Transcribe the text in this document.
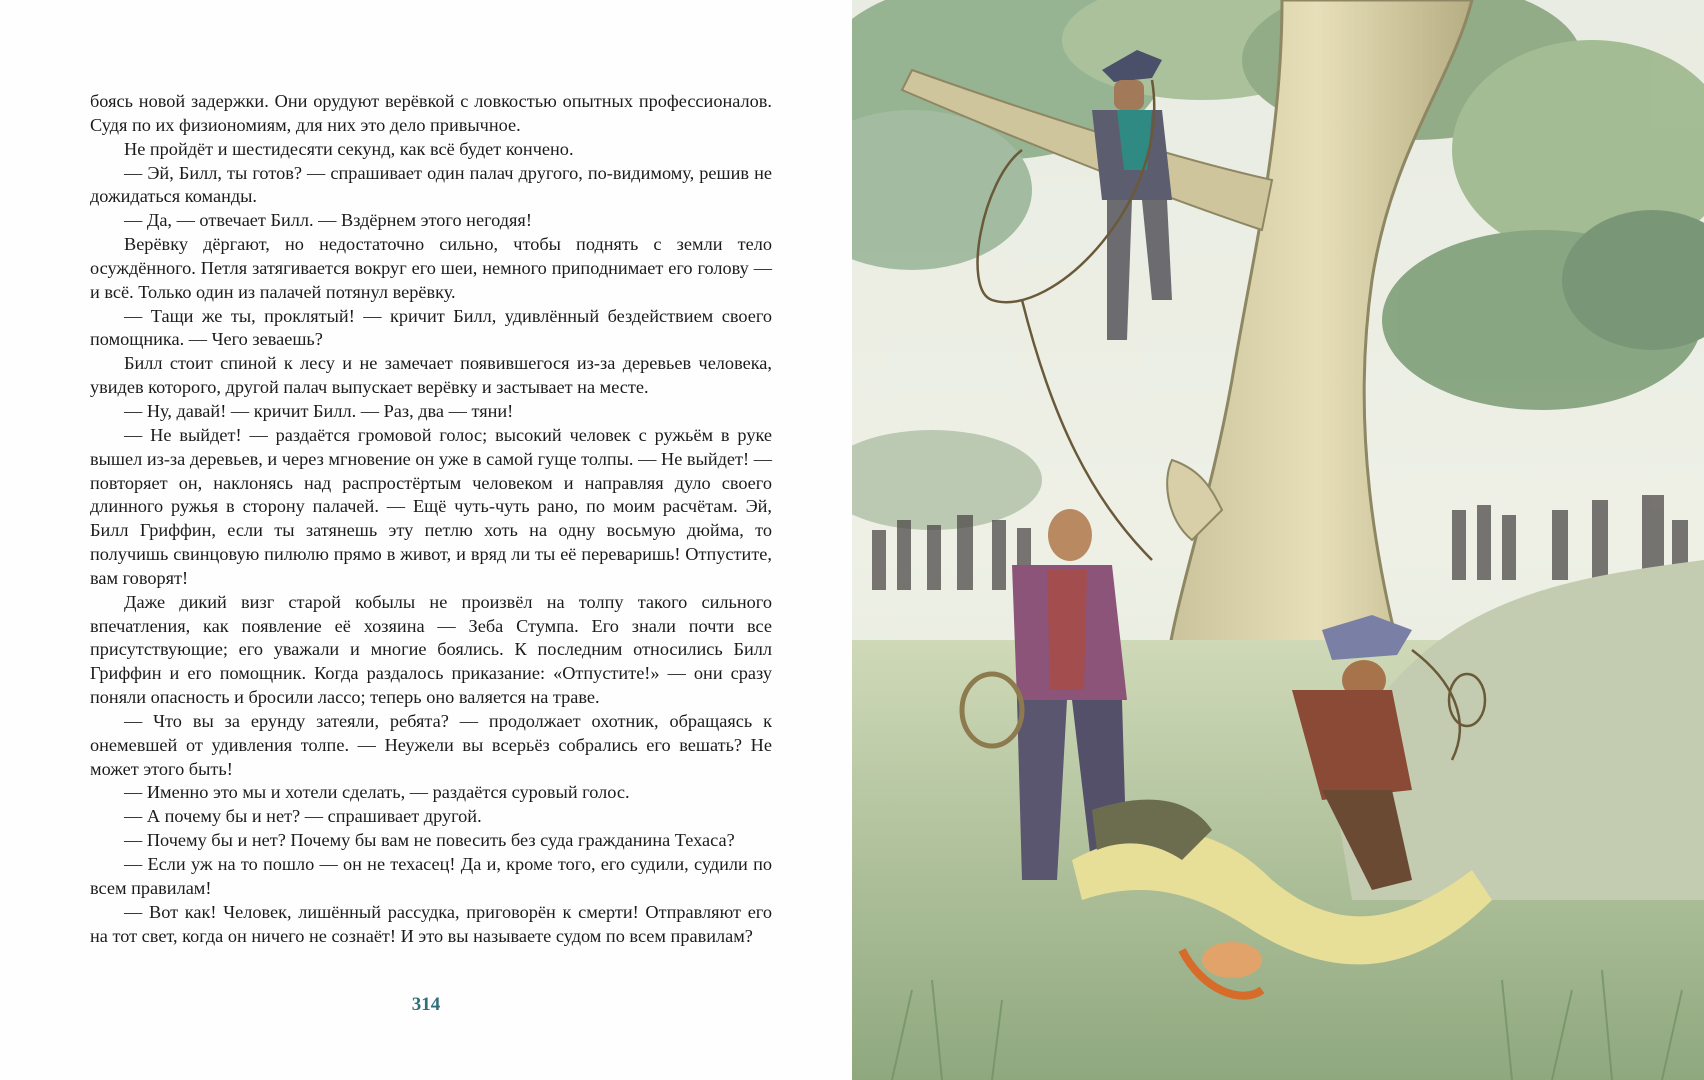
боясь новой задержки. Они орудуют верёвкой с ловкостью опытных профессионалов. Судя по их физиономиям, для них это дело привычное.

Не пройдёт и шестидесяти секунд, как всё будет кончено.

— Эй, Билл, ты готов? — спрашивает один палач другого, по-видимому, решив не дожидаться команды.

— Да, — отвечает Билл. — Вздёрнем этого негодяя!

Верёвку дёргают, но недостаточно сильно, чтобы поднять с земли тело осуждённого. Петля затягивается вокруг его шеи, немного приподнимает его голову — и всё. Только один из палачей потянул верёвку.

— Тащи же ты, проклятый! — кричит Билл, удивлённый бездействием своего помощника. — Чего зеваешь?

Билл стоит спиной к лесу и не замечает появившегося из-за деревьев человека, увидев которого, другой палач выпускает верёвку и застывает на месте.

— Ну, давай! — кричит Билл. — Раз, два — тяни!

— Не выйдет! — раздаётся громовой голос; высокий человек с ружьём в руке вышел из-за деревьев, и через мгновение он уже в самой гуще толпы. — Не выйдет! — повторяет он, наклонясь над распростёртым человеком и направляя дуло своего длинного ружья в сторону палачей. — Ещё чуть-чуть рано, по моим расчётам. Эй, Билл Гриффин, если ты затянешь эту петлю хоть на одну восьмую дюйма, то получишь свинцовую пилюлю прямо в живот, и вряд ли ты её переваришь! Отпустите, вам говорят!

Даже дикий визг старой кобылы не произвёл на толпу такого сильного впечатления, как появление её хозяина — Зеба Стумпа. Его знали почти все присутствующие; его уважали и многие боялись. К последним относились Билл Гриффин и его помощник. Когда раздалось приказание: «Отпустите!» — они сразу поняли опасность и бросили лассо; теперь оно валяется на траве.

— Что вы за ерунду затеяли, ребята? — продолжает охотник, обращаясь к онемевшей от удивления толпе. — Неужели вы всерьёз собрались его вешать? Не может этого быть!

— Именно это мы и хотели сделать, — раздаётся суровый голос.

— А почему бы и нет? — спрашивает другой.

— Почему бы и нет? Почему бы вам не повесить без суда гражданина Техаса?

— Если уж на то пошло — он не техасец! Да и, кроме того, его судили, судили по всем правилам!

— Вот как! Человек, лишённый рассудка, приговорён к смерти! Отправляют его на тот свет, когда он ничего не сознаёт! И это вы называете судом по всем правилам?

314
